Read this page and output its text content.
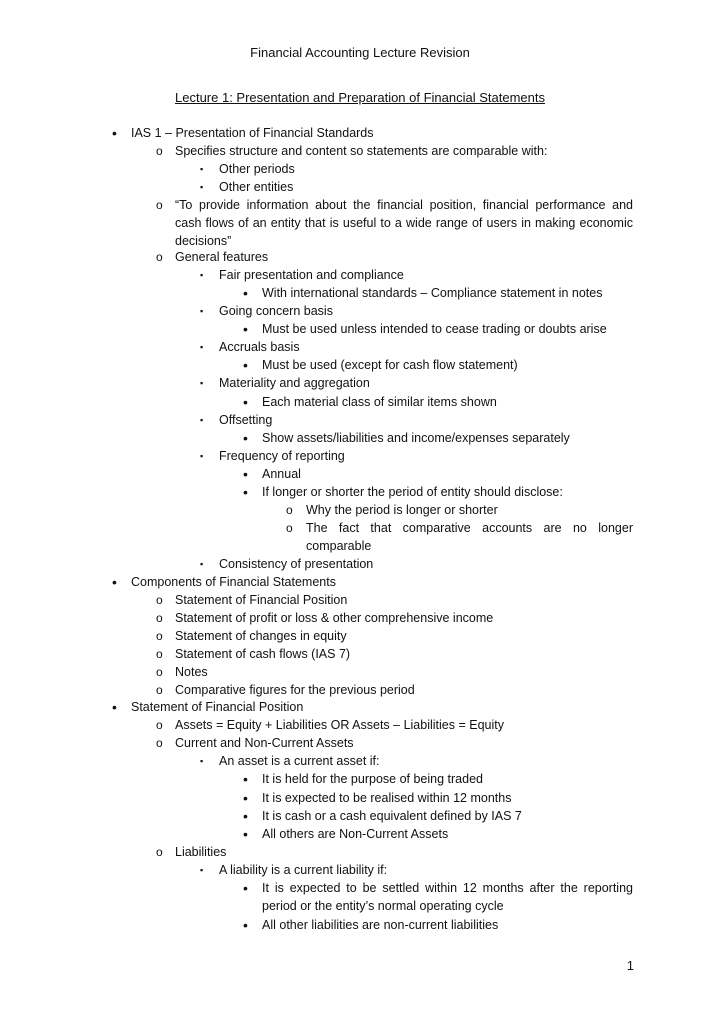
Financial Accounting Lecture Revision
Lecture 1: Presentation and Preparation of Financial Statements
• IAS 1 – Presentation of Financial Standards
o Specifies structure and content so statements are comparable with:
▪ Other periods
▪ Other entities
o “To provide information about the financial position, financial performance and cash flows of an entity that is useful to a wide range of users in making economic decisions”
o General features
▪ Fair presentation and compliance
• With international standards – Compliance statement in notes
▪ Going concern basis
• Must be used unless intended to cease trading or doubts arise
▪ Accruals basis
• Must be used (except for cash flow statement)
▪ Materiality and aggregation
• Each material class of similar items shown
▪ Offsetting
• Show assets/liabilities and income/expenses separately
▪ Frequency of reporting
• Annual
• If longer or shorter the period of entity should disclose:
o Why the period is longer or shorter
o The fact that comparative accounts are no longer comparable
▪ Consistency of presentation
• Components of Financial Statements
o Statement of Financial Position
o Statement of profit or loss & other comprehensive income
o Statement of changes in equity
o Statement of cash flows (IAS 7)
o Notes
o Comparative figures for the previous period
• Statement of Financial Position
o Assets = Equity + Liabilities OR Assets – Liabilities = Equity
o Current and Non-Current Assets
▪ An asset is a current asset if:
• It is held for the purpose of being traded
• It is expected to be realised within 12 months
• It is cash or a cash equivalent defined by IAS 7
• All others are Non-Current Assets
o Liabilities
▪ A liability is a current liability if:
• It is expected to be settled within 12 months after the reporting period or the entity’s normal operating cycle
• All other liabilities are non-current liabilities
1
